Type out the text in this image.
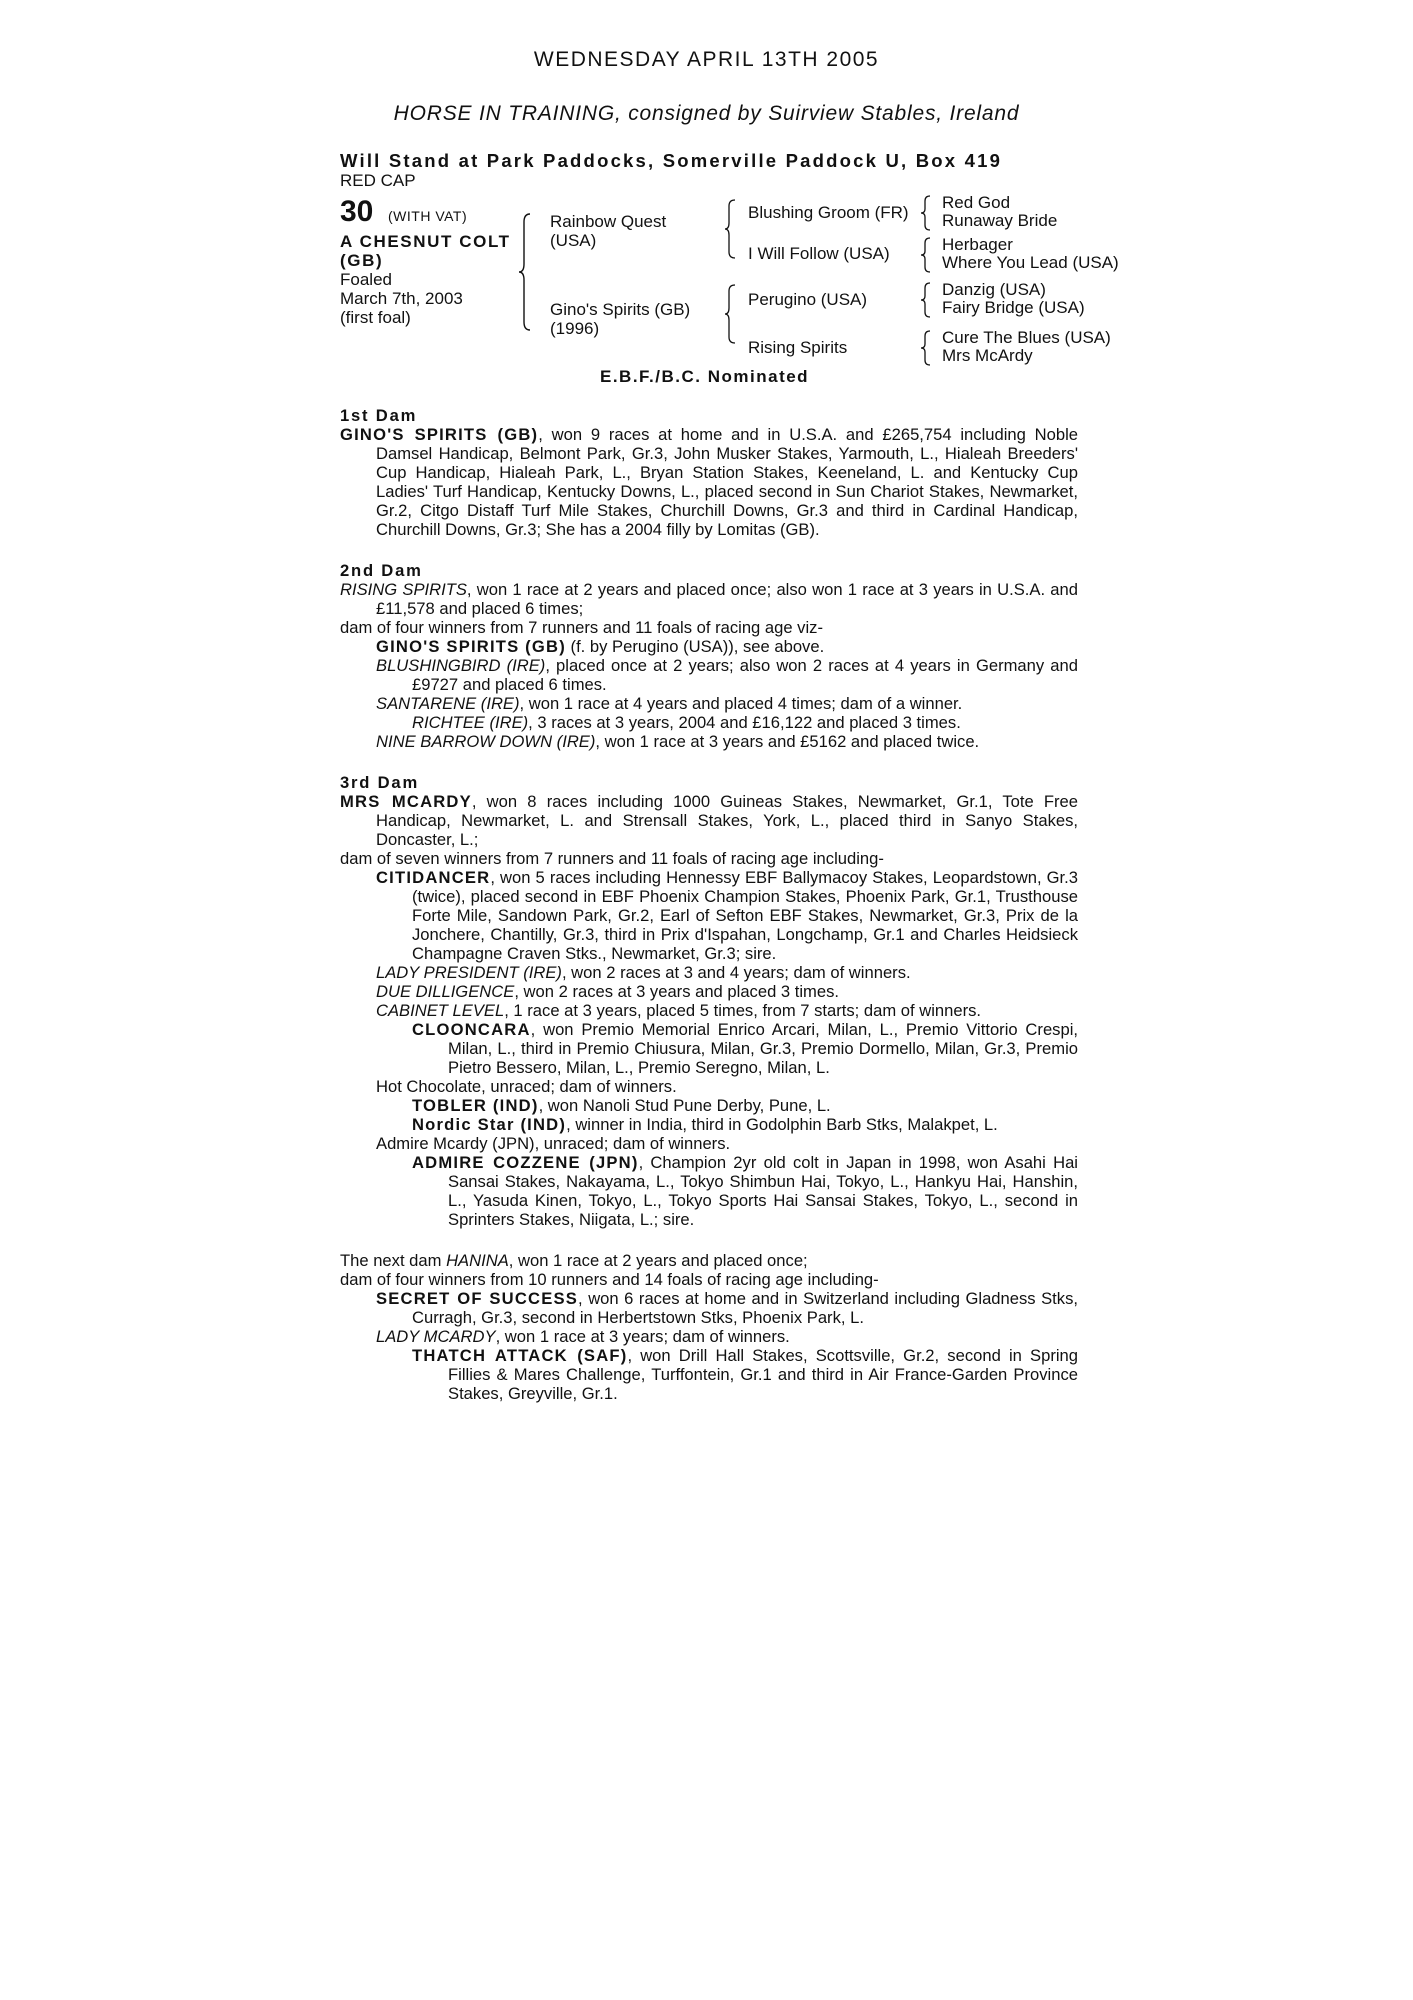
WEDNESDAY APRIL 13TH 2005
HORSE IN TRAINING, consigned by Suirview Stables, Ireland
Will Stand at Park Paddocks, Somerville Paddock U, Box 419
RED CAP
30 (WITH VAT)
A CHESNUT COLT (GB)
Foaled
March 7th, 2003
(first foal)
Rainbow Quest (USA)
Gino's Spirits (GB) (1996)
Blushing Groom (FR)
I Will Follow (USA)
Perugino (USA)
Rising Spirits
Red God
Runaway Bride
Herbager
Where You Lead (USA)
Danzig (USA)
Fairy Bridge (USA)
Cure The Blues (USA)
Mrs McArdy
E.B.F./B.C. Nominated
1st Dam

GINO'S SPIRITS (GB), won 9 races at home and in U.S.A. and £265,754 including Noble Damsel Handicap, Belmont Park, Gr.3, John Musker Stakes, Yarmouth, L., Hialeah Breeders' Cup Handicap, Hialeah Park, L., Bryan Station Stakes, Keeneland, L. and Kentucky Cup Ladies' Turf Handicap, Kentucky Downs, L., placed second in Sun Chariot Stakes, Newmarket, Gr.2, Citgo Distaff Turf Mile Stakes, Churchill Downs, Gr.3 and third in Cardinal Handicap, Churchill Downs, Gr.3; She has a 2004 filly by Lomitas (GB).

2nd Dam

RISING SPIRITS, won 1 race at 2 years and placed once; also won 1 race at 3 years in U.S.A. and £11,578 and placed 6 times;

dam of four winners from 7 runners and 11 foals of racing age viz-

GINO'S SPIRITS (GB) (f. by Perugino (USA)), see above.

BLUSHINGBIRD (IRE), placed once at 2 years; also won 2 races at 4 years in Germany and £9727 and placed 6 times.

SANTARENE (IRE), won 1 race at 4 years and placed 4 times; dam of a winner.

RICHTEE (IRE), 3 races at 3 years, 2004 and £16,122 and placed 3 times.

NINE BARROW DOWN (IRE), won 1 race at 3 years and £5162 and placed twice.

3rd Dam

MRS MCARDY, won 8 races including 1000 Guineas Stakes, Newmarket, Gr.1, Tote Free Handicap, Newmarket, L. and Strensall Stakes, York, L., placed third in Sanyo Stakes, Doncaster, L.;

dam of seven winners from 7 runners and 11 foals of racing age including-

CITIDANCER, won 5 races including Hennessy EBF Ballymacoy Stakes, Leopardstown, Gr.3 (twice), placed second in EBF Phoenix Champion Stakes, Phoenix Park, Gr.1, Trusthouse Forte Mile, Sandown Park, Gr.2, Earl of Sefton EBF Stakes, Newmarket, Gr.3, Prix de la Jonchere, Chantilly, Gr.3, third in Prix d'Ispahan, Longchamp, Gr.1 and Charles Heidsieck Champagne Craven Stks., Newmarket, Gr.3; sire.

LADY PRESIDENT (IRE), won 2 races at 3 and 4 years; dam of winners.

DUE DILLIGENCE, won 2 races at 3 years and placed 3 times.

CABINET LEVEL, 1 race at 3 years, placed 5 times, from 7 starts; dam of winners.

CLOONCARA, won Premio Memorial Enrico Arcari, Milan, L., Premio Vittorio Crespi, Milan, L., third in Premio Chiusura, Milan, Gr.3, Premio Dormello, Milan, Gr.3, Premio Pietro Bessero, Milan, L., Premio Seregno, Milan, L.

Hot Chocolate, unraced; dam of winners.

TOBLER (IND), won Nanoli Stud Pune Derby, Pune, L.

Nordic Star (IND), winner in India, third in Godolphin Barb Stks, Malakpet, L.

Admire Mcardy (JPN), unraced; dam of winners.

ADMIRE COZZENE (JPN), Champion 2yr old colt in Japan in 1998, won Asahi Hai Sansai Stakes, Nakayama, L., Tokyo Shimbun Hai, Tokyo, L., Hankyu Hai, Hanshin, L., Yasuda Kinen, Tokyo, L., Tokyo Sports Hai Sansai Stakes, Tokyo, L., second in Sprinters Stakes, Niigata, L.; sire.

The next dam HANINA, won 1 race at 2 years and placed once;

dam of four winners from 10 runners and 14 foals of racing age including-

SECRET OF SUCCESS, won 6 races at home and in Switzerland including Gladness Stks, Curragh, Gr.3, second in Herbertstown Stks, Phoenix Park, L.

LADY MCARDY, won 1 race at 3 years; dam of winners.

THATCH ATTACK (SAF), won Drill Hall Stakes, Scottsville, Gr.2, second in Spring Fillies & Mares Challenge, Turffontein, Gr.1 and third in Air France-Garden Province Stakes, Greyville, Gr.1.
